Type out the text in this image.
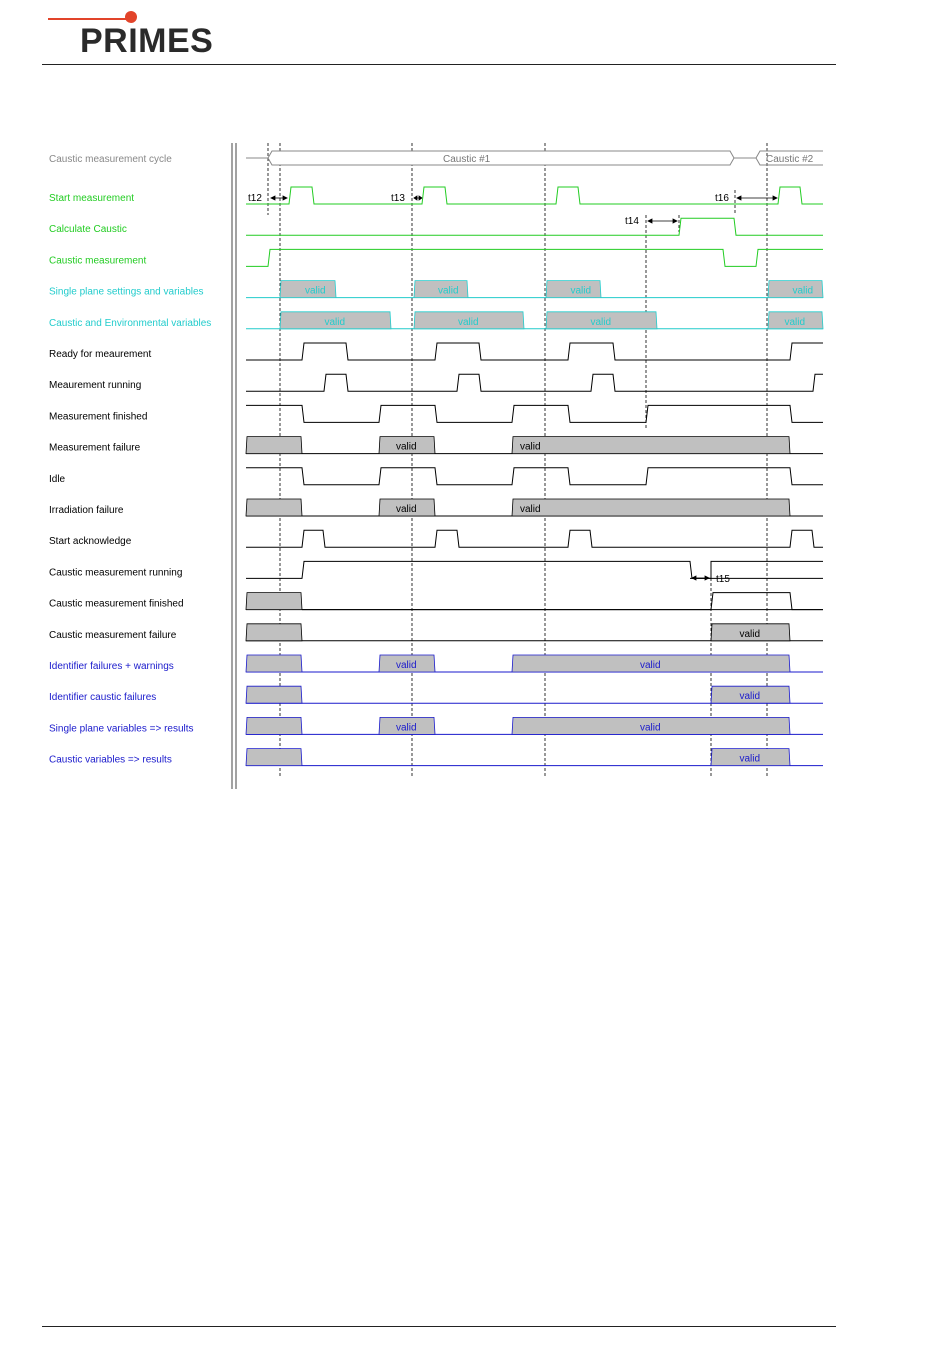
PRIMES
Caustic measurement cycle	Caustic #1	Caustic #2
t12	t13
t14
t15
t16
Start measurement
Calculate Caustic
Caustic measurement
Single plane settings and variables
Caustic and Environmental variables
Ready for meaurement
Meaurement running
Measurement finished
Measurement failure
Idle
Irradiation failure
Start acknowledge
Caustic measurement running
Caustic measurement finished
Caustic measurement failure
Identifier failures + warnings
Identifier caustic failures
Single plane variables => results
Caustic variables => results
valid	valid	valid	valid
valid	valid	valid	valid
valid	valid
valid	valid
valid
valid	valid
valid
valid	valid
valid
